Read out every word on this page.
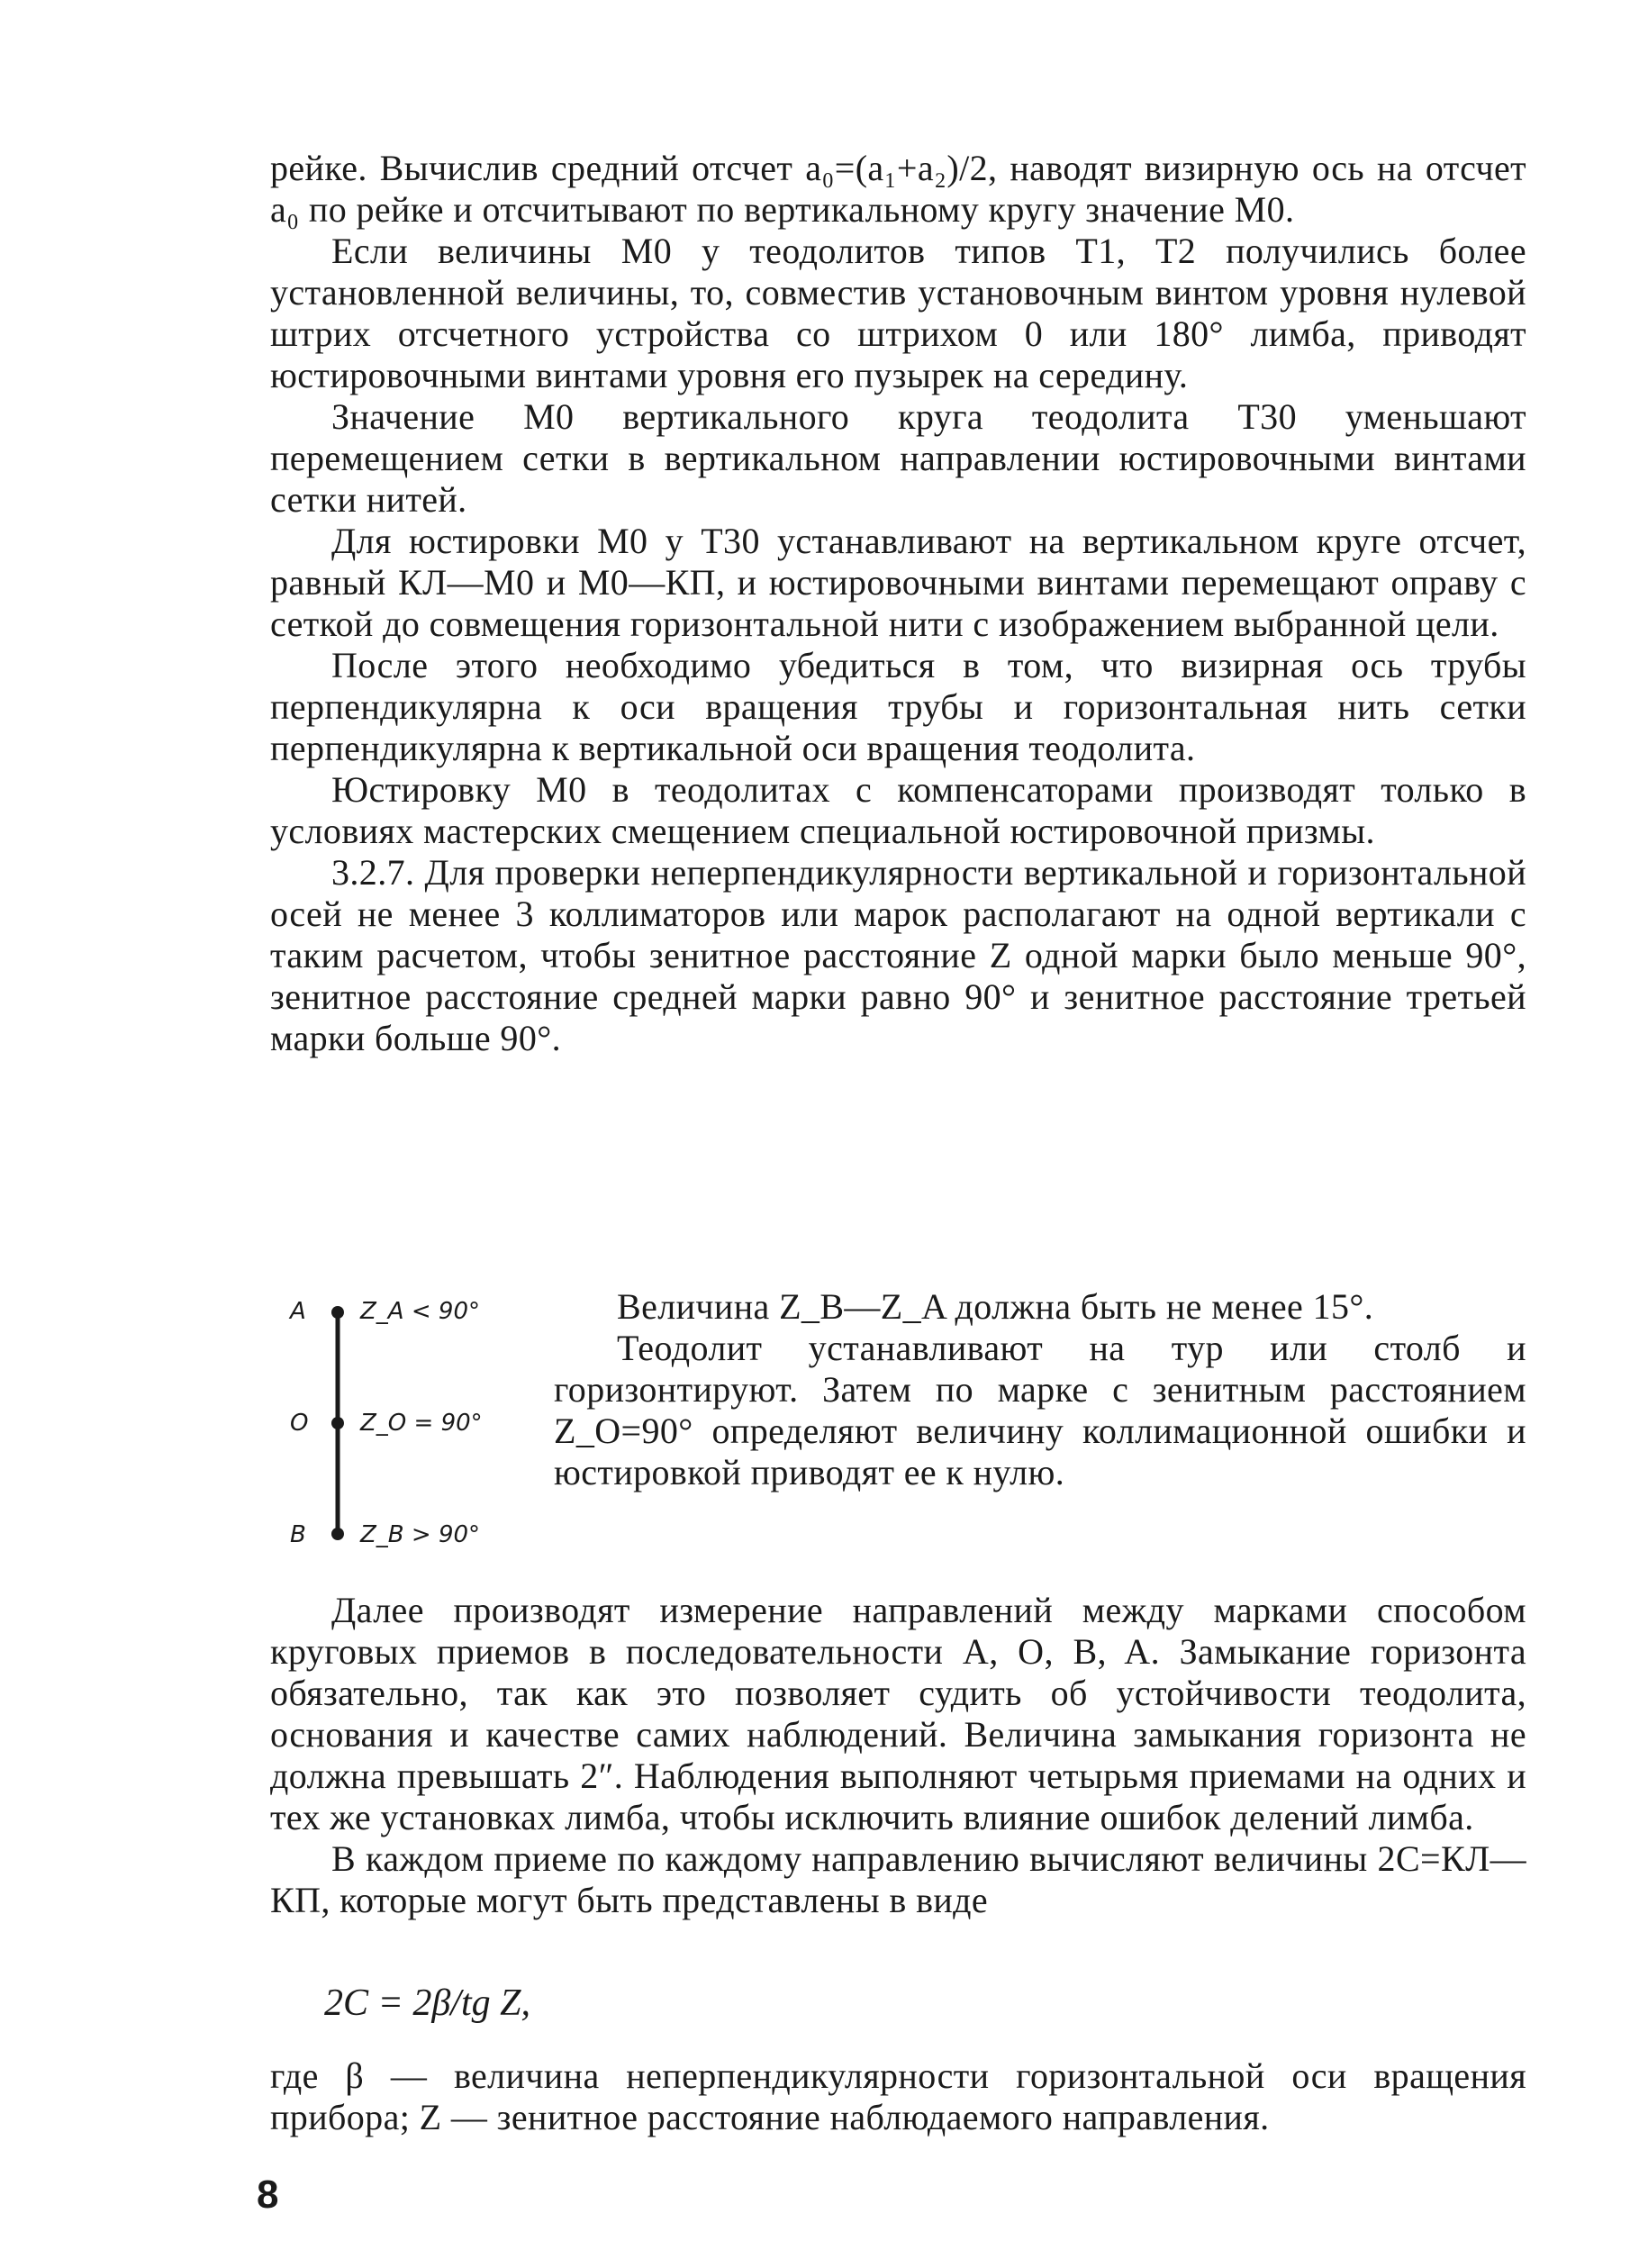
рейке. Вычислив средний отсчет a₀=(a₁+a₂)/2, наводят визирную ось на отсчет a₀ по рейке и отсчитывают по вертикальному кругу значение М0.

Если величины М0 у теодолитов типов Т1, Т2 получились более установленной величины, то, совместив установочным винтом уровня нулевой штрих отсчетного устройства со штрихом 0 или 180° лимба, приводят юстировочными винтами уровня его пузырек на середину.

Значение М0 вертикального круга теодолита Т30 уменьшают перемещением сетки в вертикальном направлении юстировочными винтами сетки нитей.

Для юстировки М0 у Т30 устанавливают на вертикальном круге отсчет, равный КЛ—М0 и М0—КП, и юстировочными винтами перемещают оправу с сеткой до совмещения горизонтальной нити с изображением выбранной цели.

После этого необходимо убедиться в том, что визирная ось трубы перпендикулярна к оси вращения трубы и горизонтальная нить сетки перпендикулярна к вертикальной оси вращения теодолита.

Юстировку М0 в теодолитах с компенсаторами производят только в условиях мастерских смещением специальной юстировочной призмы.

3.2.7. Для проверки неперпендикулярности вертикальной и горизонтальной осей не менее 3 коллиматоров или марок располагают на одной вертикали с таким расчетом, чтобы зенитное расстояние Z одной марки было меньше 90°, зенитное расстояние средней марки равно 90° и зенитное расстояние третьей марки больше 90°.

A Z_A < 90°
O Z_O = 90°
B Z_B > 90°

Величина Z_B—Z_A должна быть не менее 15°.

Теодолит устанавливают на тур или столб и горизонтируют. Затем по марке с зенитным расстоянием Z_O=90° определяют величину коллимационной ошибки и юстировкой приводят ее к нулю.

Далее производят измерение направлений между марками способом круговых приемов в последовательности A, O, B, A. Замыкание горизонта обязательно, так как это позволяет судить об устойчивости теодолита, основания и качестве самих наблюдений. Величина замыкания горизонта не должна превышать 2″. Наблюдения выполняют четырьмя приемами на одних и тех же установках лимба, чтобы исключить влияние ошибок делений лимба.

В каждом приеме по каждому направлению вычисляют величины 2C=КЛ—КП, которые могут быть представлены в виде

2C = 2β/tg Z,

где β — величина неперпендикулярности горизонтальной оси вращения прибора; Z — зенитное расстояние наблюдаемого направления.

8
